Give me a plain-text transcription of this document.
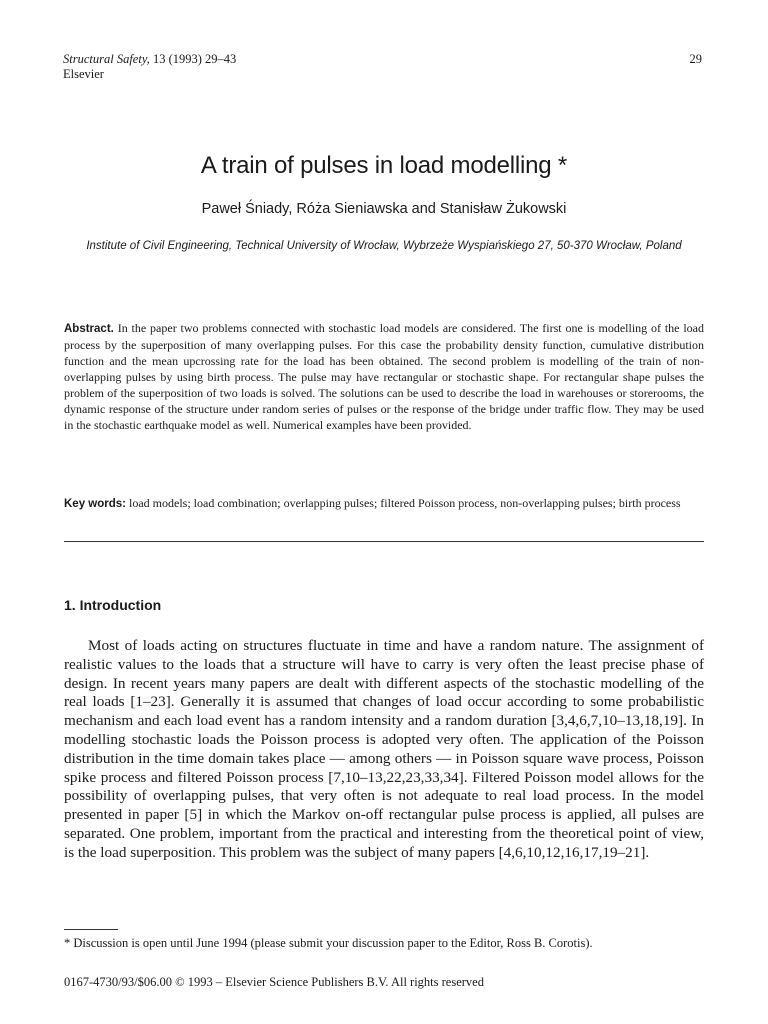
Structural Safety, 13 (1993) 29–43
Elsevier
29
A train of pulses in load modelling *
Paweł Śniady, Róża Sieniawska and Stanisław Żukowski
Institute of Civil Engineering, Technical University of Wrocław, Wybrzeże Wyspiańskiego 27, 50-370 Wrocław, Poland
Abstract. In the paper two problems connected with stochastic load models are considered. The first one is modelling of the load process by the superposition of many overlapping pulses. For this case the probability density function, cumulative distribution function and the mean upcrossing rate for the load has been obtained. The second problem is modelling of the train of non-overlapping pulses by using birth process. The pulse may have rectangular or stochastic shape. For rectangular shape pulses the problem of the superposition of two loads is solved. The solutions can be used to describe the load in warehouses or storerooms, the dynamic response of the structure under random series of pulses or the response of the bridge under traffic flow. They may be used in the stochastic earthquake model as well. Numerical examples have been provided.
Key words: load models; load combination; overlapping pulses; filtered Poisson process, non-overlapping pulses; birth process
1. Introduction
Most of loads acting on structures fluctuate in time and have a random nature. The assignment of realistic values to the loads that a structure will have to carry is very often the least precise phase of design. In recent years many papers are dealt with different aspects of the stochastic modelling of the real loads [1–23]. Generally it is assumed that changes of load occur according to some probabilistic mechanism and each load event has a random intensity and a random duration [3,4,6,7,10–13,18,19]. In modelling stochastic loads the Poisson process is adopted very often. The application of the Poisson distribution in the time domain takes place — among others — in Poisson square wave process, Poisson spike process and filtered Poisson process [7,10–13,22,23,33,34]. Filtered Poisson model allows for the possibility of overlapping pulses, that very often is not adequate to real load process. In the model presented in paper [5] in which the Markov on-off rectangular pulse process is applied, all pulses are separated. One problem, important from the practical and interesting from the theoretical point of view, is the load superposition. This problem was the subject of many papers [4,6,10,12,16,17,19–21].
* Discussion is open until June 1994 (please submit your discussion paper to the Editor, Ross B. Corotis).
0167-4730/93/$06.00 © 1993 – Elsevier Science Publishers B.V. All rights reserved
